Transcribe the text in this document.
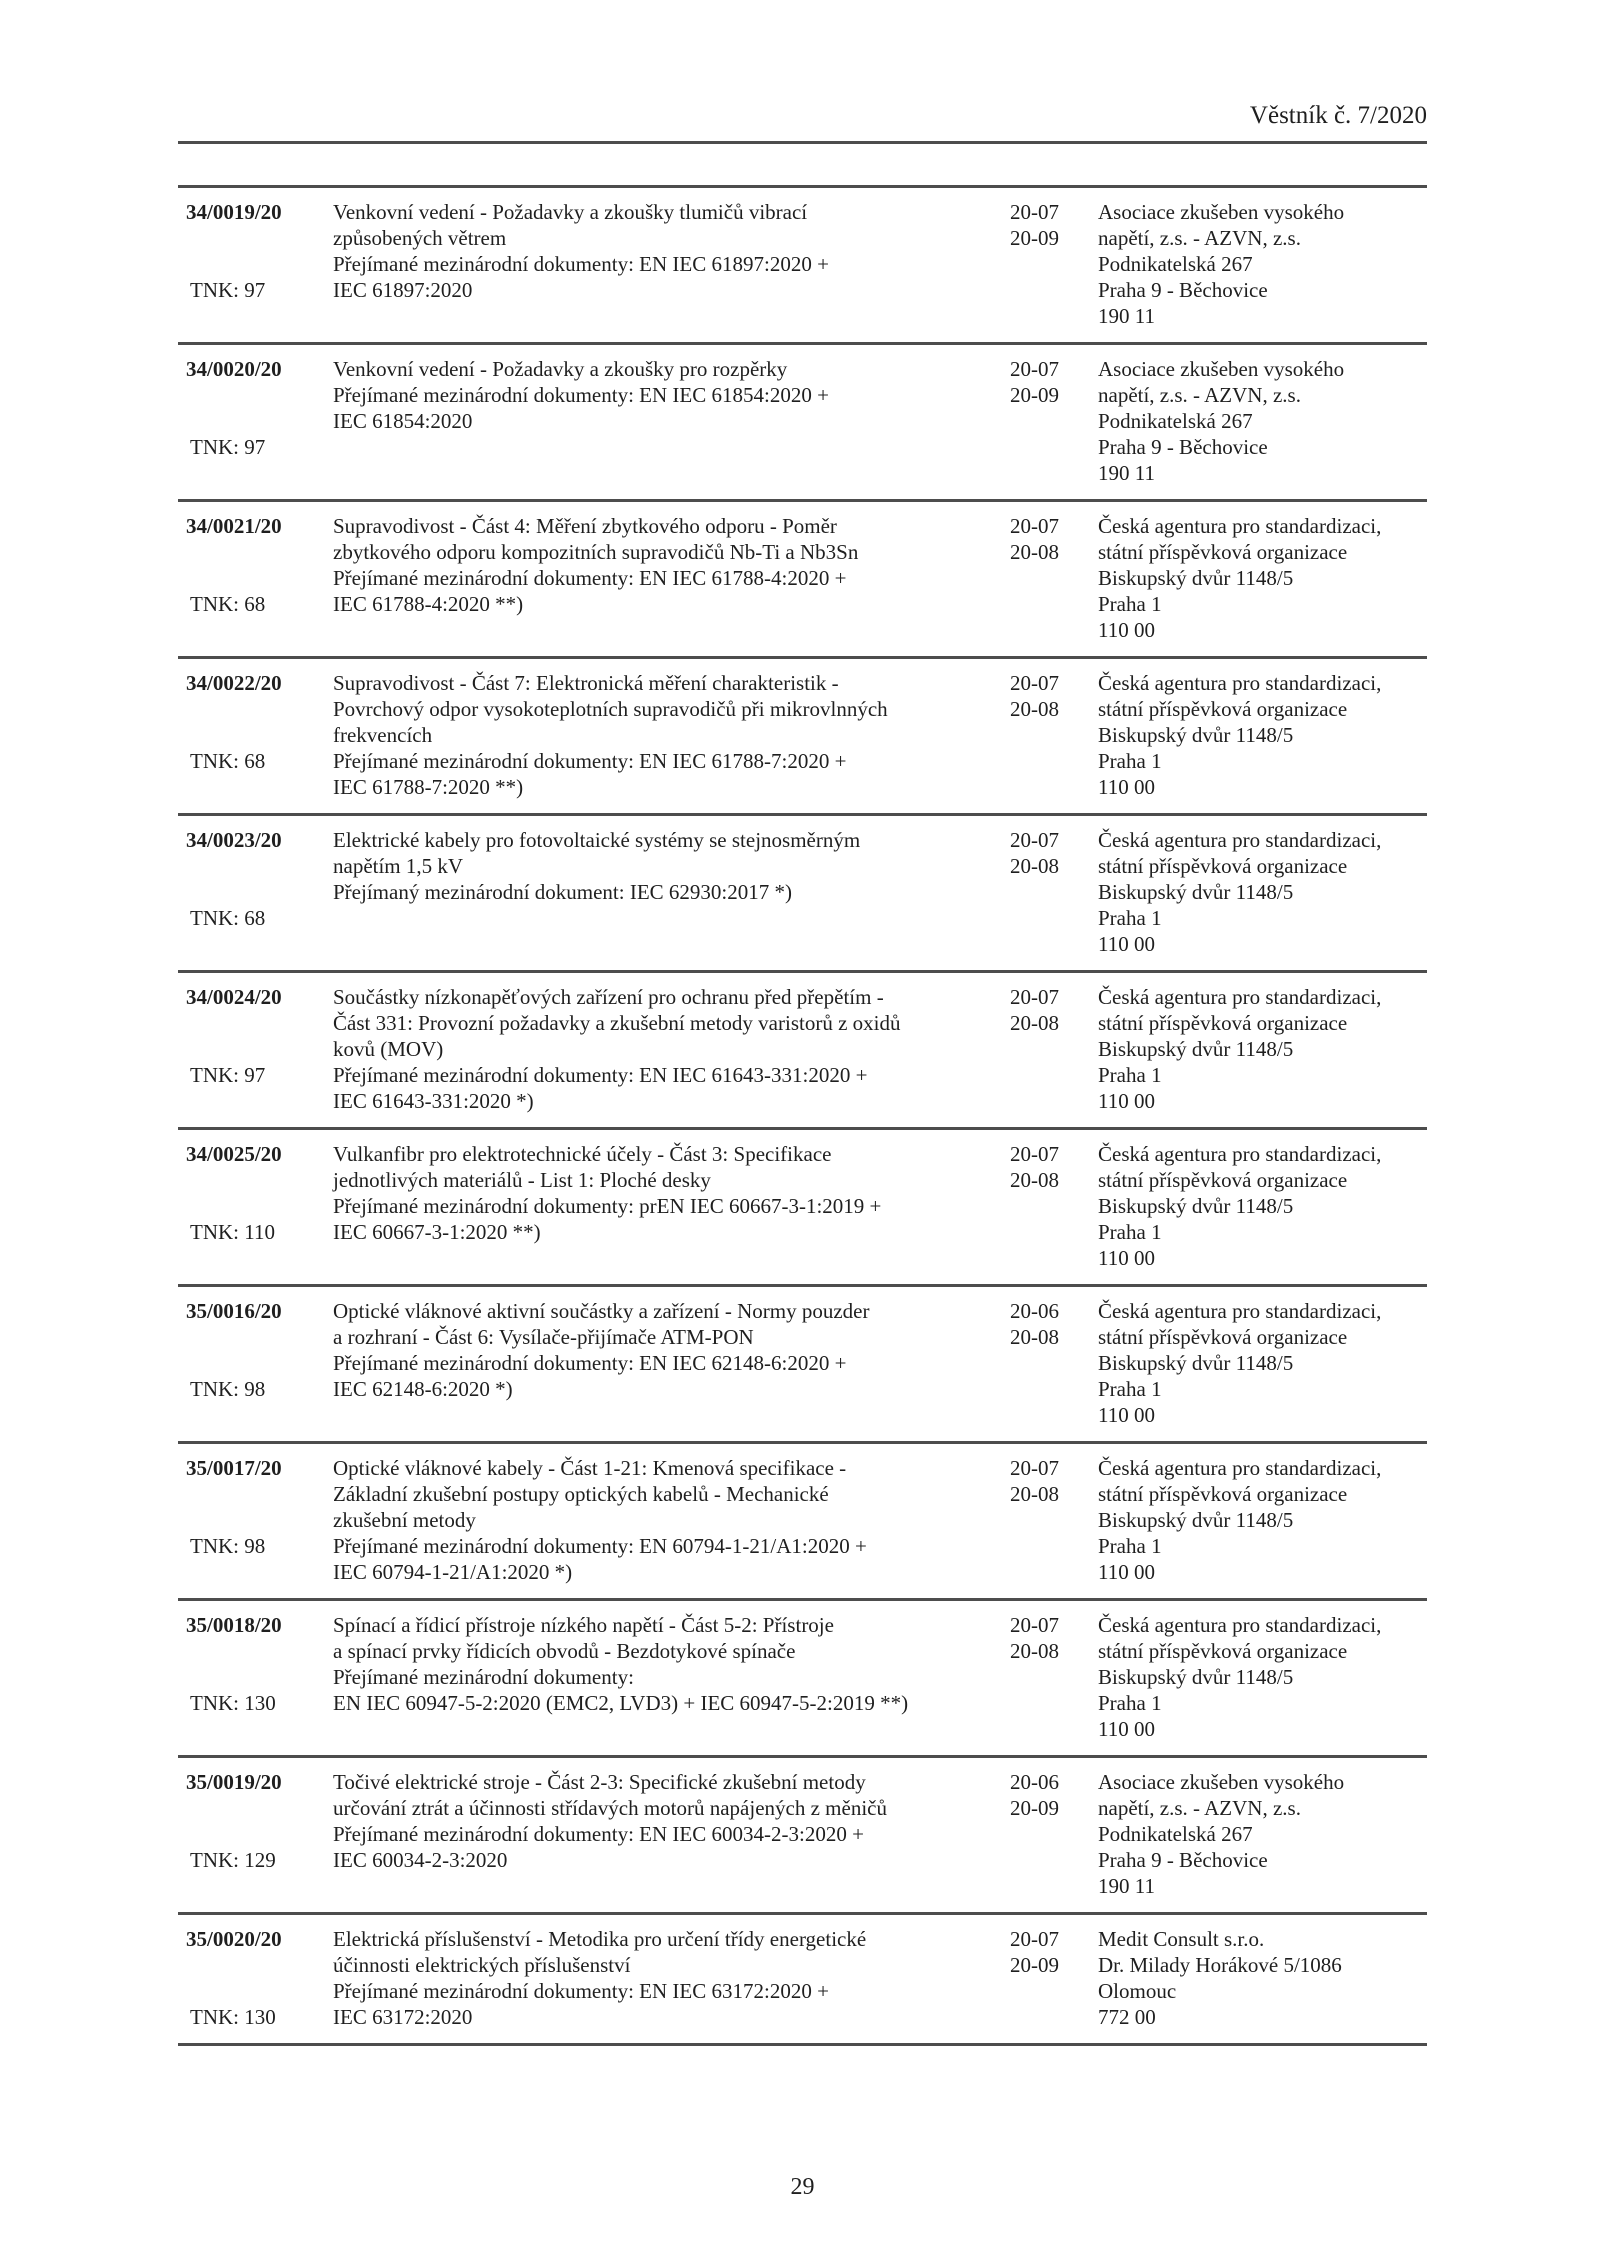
Věstník č. 7/2020
34/0019/20
TNK: 97
Venkovní vedení - Požadavky a zkoušky tlumičů vibrací
způsobených větrem
Přejímané mezinárodní dokumenty: EN IEC 61897:2020 +
IEC 61897:2020
20-07
20-09
Asociace zkušeben vysokého
napětí, z.s. - AZVN, z.s.
Podnikatelská 267
Praha 9 - Běchovice
190 11
34/0020/20
TNK: 97
Venkovní vedení - Požadavky a zkoušky pro rozpěrky
Přejímané mezinárodní dokumenty: EN IEC 61854:2020 +
IEC 61854:2020
20-07
20-09
Asociace zkušeben vysokého
napětí, z.s. - AZVN, z.s.
Podnikatelská 267
Praha 9 - Běchovice
190 11
34/0021/20
TNK: 68
Supravodivost - Část 4: Měření zbytkového odporu - Poměr
zbytkového odporu kompozitních supravodičů Nb-Ti a Nb3Sn
Přejímané mezinárodní dokumenty: EN IEC 61788-4:2020 +
IEC 61788-4:2020 **)
20-07
20-08
Česká agentura pro standardizaci,
státní příspěvková organizace
Biskupský dvůr 1148/5
Praha 1
110 00
34/0022/20
TNK: 68
Supravodivost - Část 7: Elektronická měření charakteristik -
Povrchový odpor vysokoteplotních supravodičů při mikrovlnných
frekvencích
Přejímané mezinárodní dokumenty: EN IEC 61788-7:2020 +
IEC 61788-7:2020 **)
20-07
20-08
Česká agentura pro standardizaci,
státní příspěvková organizace
Biskupský dvůr 1148/5
Praha 1
110 00
34/0023/20
TNK: 68
Elektrické kabely pro fotovoltaické systémy se stejnosměrným
napětím 1,5 kV
Přejímaný mezinárodní dokument: IEC 62930:2017 *)
20-07
20-08
Česká agentura pro standardizaci,
státní příspěvková organizace
Biskupský dvůr 1148/5
Praha 1
110 00
34/0024/20
TNK: 97
Součástky nízkonapěťových zařízení pro ochranu před přepětím -
Část 331: Provozní požadavky a zkušební metody varistorů z oxidů
kovů (MOV)
Přejímané mezinárodní dokumenty: EN IEC 61643-331:2020 +
IEC 61643-331:2020 *)
20-07
20-08
Česká agentura pro standardizaci,
státní příspěvková organizace
Biskupský dvůr 1148/5
Praha 1
110 00
34/0025/20
TNK: 110
Vulkanfibr pro elektrotechnické účely - Část 3: Specifikace
jednotlivých materiálů - List 1: Ploché desky
Přejímané mezinárodní dokumenty: prEN IEC 60667-3-1:2019 +
IEC 60667-3-1:2020 **)
20-07
20-08
Česká agentura pro standardizaci,
státní příspěvková organizace
Biskupský dvůr 1148/5
Praha 1
110 00
35/0016/20
TNK: 98
Optické vláknové aktivní součástky a zařízení - Normy pouzder
a rozhraní - Část 6: Vysílače-přijímače ATM-PON
Přejímané mezinárodní dokumenty: EN IEC 62148-6:2020 +
IEC 62148-6:2020 *)
20-06
20-08
Česká agentura pro standardizaci,
státní příspěvková organizace
Biskupský dvůr 1148/5
Praha 1
110 00
35/0017/20
TNK: 98
Optické vláknové kabely - Část 1-21: Kmenová specifikace -
Základní zkušební postupy optických kabelů - Mechanické
zkušební metody
Přejímané mezinárodní dokumenty: EN 60794-1-21/A1:2020 +
IEC 60794-1-21/A1:2020 *)
20-07
20-08
Česká agentura pro standardizaci,
státní příspěvková organizace
Biskupský dvůr 1148/5
Praha 1
110 00
35/0018/20
TNK: 130
Spínací a řídicí přístroje nízkého napětí - Část 5-2: Přístroje
a spínací prvky řídicích obvodů - Bezdotykové spínače
Přejímané mezinárodní dokumenty:
EN IEC 60947-5-2:2020 (EMC2, LVD3) + IEC 60947-5-2:2019 **)
20-07
20-08
Česká agentura pro standardizaci,
státní příspěvková organizace
Biskupský dvůr 1148/5
Praha 1
110 00
35/0019/20
TNK: 129
Točivé elektrické stroje - Část 2-3: Specifické zkušební metody
určování ztrát a účinnosti střídavých motorů napájených z měničů
Přejímané mezinárodní dokumenty: EN IEC 60034-2-3:2020 +
IEC 60034-2-3:2020
20-06
20-09
Asociace zkušeben vysokého
napětí, z.s. - AZVN, z.s.
Podnikatelská 267
Praha 9 - Běchovice
190 11
35/0020/20
TNK: 130
Elektrická příslušenství - Metodika pro určení třídy energetické
účinnosti elektrických příslušenství
Přejímané mezinárodní dokumenty: EN IEC 63172:2020 +
IEC 63172:2020
20-07
20-09
Medit Consult s.r.o.
Dr. Milady Horákové 5/1086
Olomouc
772 00
29
